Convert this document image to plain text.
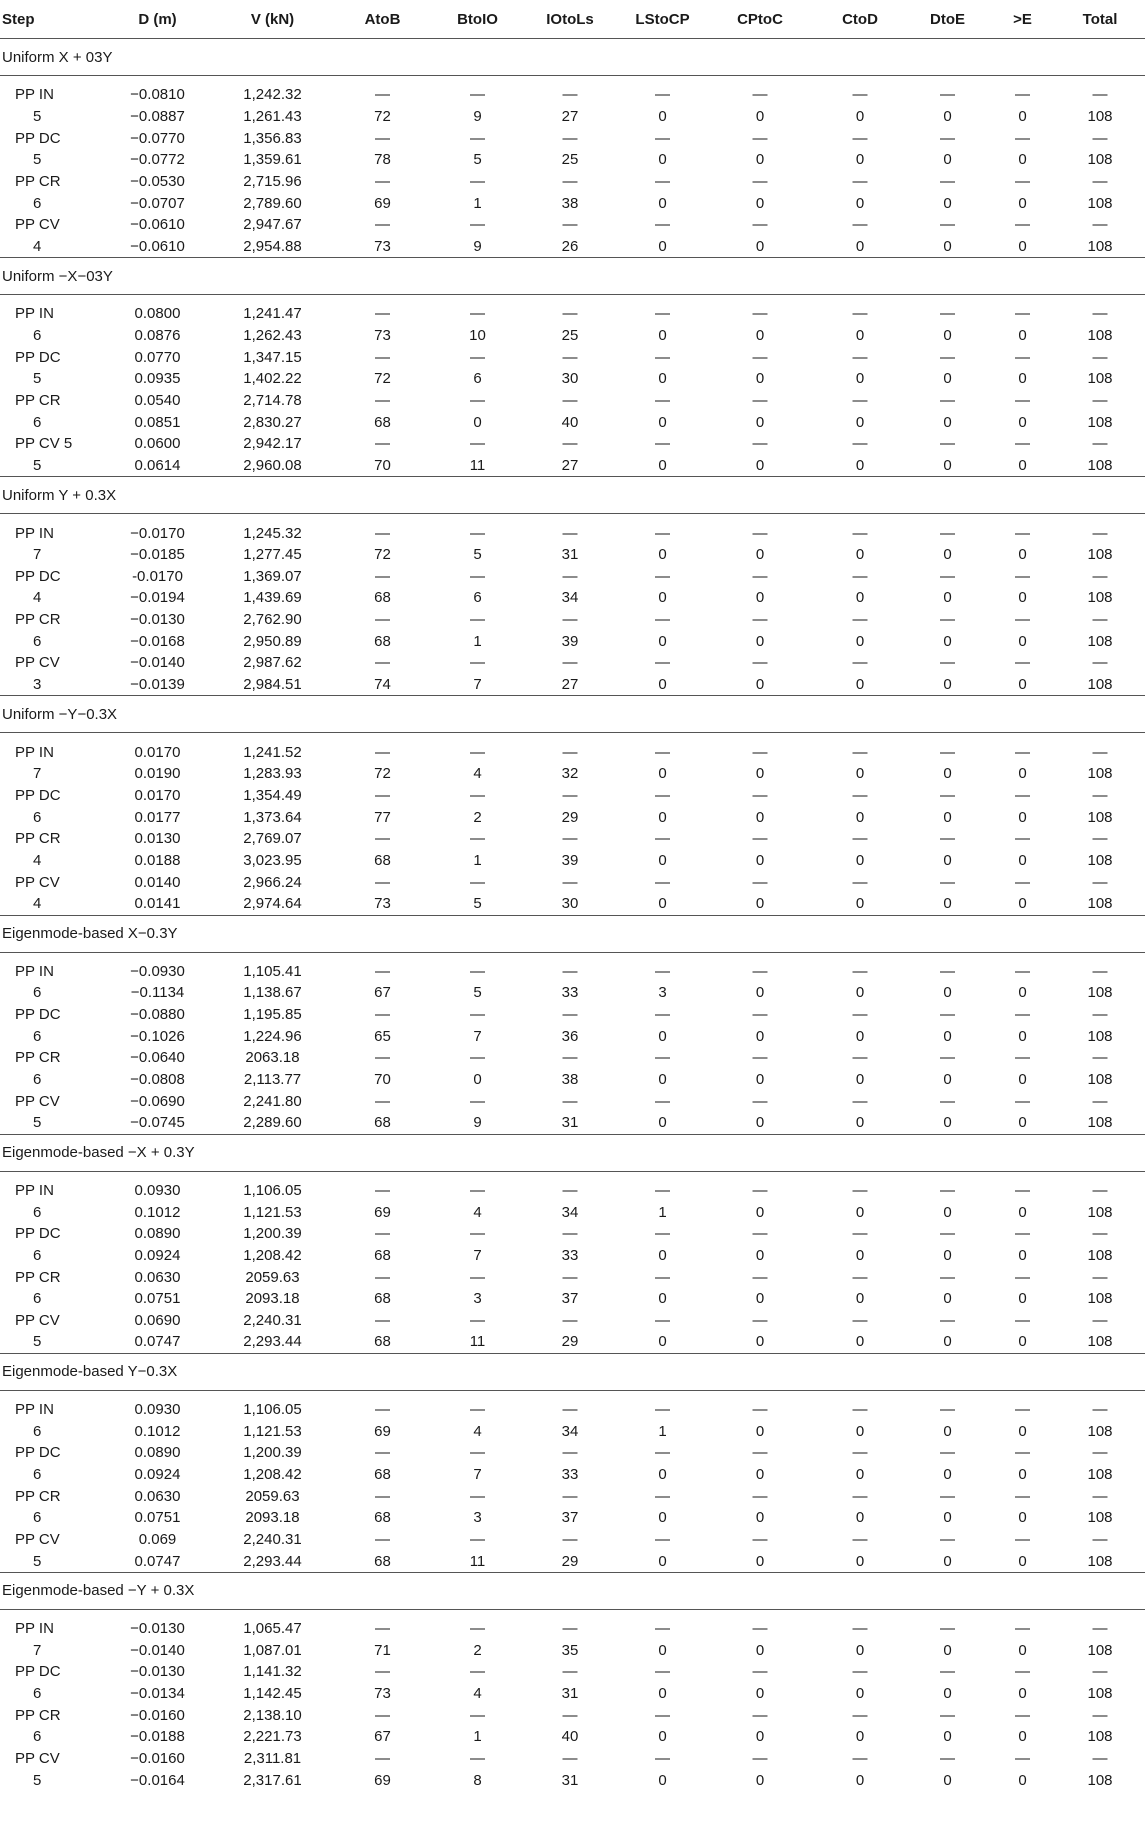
Step	D (m)	V (kN)	AtoB	BtoIO	IOtoLs	LStoCP	CPtoC	CtoD	DtoE	>E	Total
Uniform X + 03Y											
PP IN	−0.0810	1,242.32	—	—	—	—	—	—	—	—	—
5	−0.0887	1,261.43	72	9	27	0	0	0	0	0	108
PP DC	−0.0770	1,356.83	—	—	—	—	—	—	—	—	—
5	−0.0772	1,359.61	78	5	25	0	0	0	0	0	108
PP CR	−0.0530	2,715.96	—	—	—	—	—	—	—	—	—
6	−0.0707	2,789.60	69	1	38	0	0	0	0	0	108
PP CV	−0.0610	2,947.67	—	—	—	—	—	—	—	—	—
4	−0.0610	2,954.88	73	9	26	0	0	0	0	0	108
Uniform −X−03Y											
PP IN	0.0800	1,241.47	—	—	—	—	—	—	—	—	—
6	0.0876	1,262.43	73	10	25	0	0	0	0	0	108
PP DC	0.0770	1,347.15	—	—	—	—	—	—	—	—	—
5	0.0935	1,402.22	72	6	30	0	0	0	0	0	108
PP CR	0.0540	2,714.78	—	—	—	—	—	—	—	—	—
6	0.0851	2,830.27	68	0	40	0	0	0	0	0	108
PP CV 5	0.0600	2,942.17	—	—	—	—	—	—	—	—	—
5	0.0614	2,960.08	70	11	27	0	0	0	0	0	108
Uniform Y + 0.3X											
PP IN	−0.0170	1,245.32	—	—	—	—	—	—	—	—	—
7	−0.0185	1,277.45	72	5	31	0	0	0	0	0	108
PP DC	-0.0170	1,369.07	—	—	—	—	—	—	—	—	—
4	−0.0194	1,439.69	68	6	34	0	0	0	0	0	108
PP CR	−0.0130	2,762.90	—	—	—	—	—	—	—	—	—
6	−0.0168	2,950.89	68	1	39	0	0	0	0	0	108
PP CV	−0.0140	2,987.62	—	—	—	—	—	—	—	—	—
3	−0.0139	2,984.51	74	7	27	0	0	0	0	0	108
Uniform −Y−0.3X											
PP IN	0.0170	1,241.52	—	—	—	—	—	—	—	—	—
7	0.0190	1,283.93	72	4	32	0	0	0	0	0	108
PP DC	0.0170	1,354.49	—	—	—	—	—	—	—	—	—
6	0.0177	1,373.64	77	2	29	0	0	0	0	0	108
PP CR	0.0130	2,769.07	—	—	—	—	—	—	—	—	—
4	0.0188	3,023.95	68	1	39	0	0	0	0	0	108
PP CV	0.0140	2,966.24	—	—	—	—	—	—	—	—	—
4	0.0141	2,974.64	73	5	30	0	0	0	0	0	108
Eigenmode-based X−0.3Y											
PP IN	−0.0930	1,105.41	—	—	—	—	—	—	—	—	—
6	−0.1134	1,138.67	67	5	33	3	0	0	0	0	108
PP DC	−0.0880	1,195.85	—	—	—	—	—	—	—	—	—
6	−0.1026	1,224.96	65	7	36	0	0	0	0	0	108
PP CR	−0.0640	2063.18	—	—	—	—	—	—	—	—	—
6	−0.0808	2,113.77	70	0	38	0	0	0	0	0	108
PP CV	−0.0690	2,241.80	—	—	—	—	—	—	—	—	—
5	−0.0745	2,289.60	68	9	31	0	0	0	0	0	108
Eigenmode-based −X + 0.3Y											
PP IN	0.0930	1,106.05	—	—	—	—	—	—	—	—	—
6	0.1012	1,121.53	69	4	34	1	0	0	0	0	108
PP DC	0.0890	1,200.39	—	—	—	—	—	—	—	—	—
6	0.0924	1,208.42	68	7	33	0	0	0	0	0	108
PP CR	0.0630	2059.63	—	—	—	—	—	—	—	—	—
6	0.0751	2093.18	68	3	37	0	0	0	0	0	108
PP CV	0.0690	2,240.31	—	—	—	—	—	—	—	—	—
5	0.0747	2,293.44	68	11	29	0	0	0	0	0	108
Eigenmode-based Y−0.3X											
PP IN	0.0930	1,106.05	—	—	—	—	—	—	—	—	—
6	0.1012	1,121.53	69	4	34	1	0	0	0	0	108
PP DC	0.0890	1,200.39	—	—	—	—	—	—	—	—	—
6	0.0924	1,208.42	68	7	33	0	0	0	0	0	108
PP CR	0.0630	2059.63	—	—	—	—	—	—	—	—	—
6	0.0751	2093.18	68	3	37	0	0	0	0	0	108
PP CV	0.069	2,240.31	—	—	—	—	—	—	—	—	—
5	0.0747	2,293.44	68	11	29	0	0	0	0	0	108
Eigenmode-based −Y + 0.3X											
PP IN	−0.0130	1,065.47	—	—	—	—	—	—	—	—	—
7	−0.0140	1,087.01	71	2	35	0	0	0	0	0	108
PP DC	−0.0130	1,141.32	—	—	—	—	—	—	—	—	—
6	−0.0134	1,142.45	73	4	31	0	0	0	0	0	108
PP CR	−0.0160	2,138.10	—	—	—	—	—	—	—	—	—
6	−0.0188	2,221.73	67	1	40	0	0	0	0	0	108
PP CV	−0.0160	2,311.81	—	—	—	—	—	—	—	—	—
5	−0.0164	2,317.61	69	8	31	0	0	0	0	0	108
